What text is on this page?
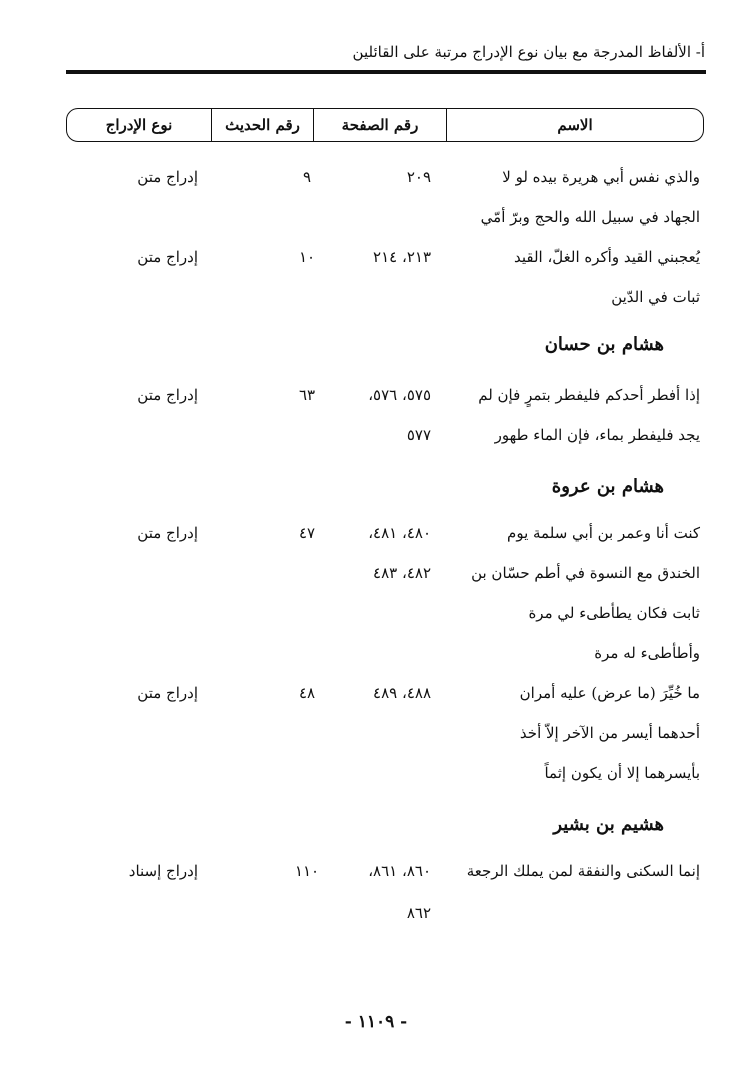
أ- الألفاظ المدرجة مع بيان نوع الإدراج مرتبة على القائلين
الاسم
رقم الصفحة
رقم الحديث
نوع الإدراج
والذي نفس أبي هريرة بيده لو لا
٢٠٩
٩
إدراج متن
الجهاد في سبيل الله والحج وبرّ أمّي
يُعجبني القيد وأكره الغلّ، القيد
٢١٣، ٢١٤
١٠
إدراج متن
ثبات في الدّين
هشام بن حسان
إذا أفطر أحدكم فليفطر بتمرٍ فإن لم
٥٧٥، ٥٧٦،
٦٣
إدراج متن
يجد فليفطر بماء، فإن الماء طهور
٥٧٧
هشام بن عروة
كنت أنا وعمر بن أبي سلمة يوم
٤٨٠، ٤٨١،
٤٧
إدراج متن
الخندق مع النسوة في أطم حسّان بن
٤٨٢، ٤٨٣
ثابت فكان يطأطىء لي مرة
وأطأطىء له مرة
ما خُيِّرَ (ما عرض) عليه أمران
٤٨٨، ٤٨٩
٤٨
إدراج متن
أحدهما أيسر من الآخر إلاّ أخذ
بأيسرهما إلا أن يكون إثماً
هشيم بن بشير
إنما السكنى والنفقة لمن يملك الرجعة
٨٦٠، ٨٦١،
١١٠
إدراج إسناد
٨٦٢
- ١١٠٩ -
